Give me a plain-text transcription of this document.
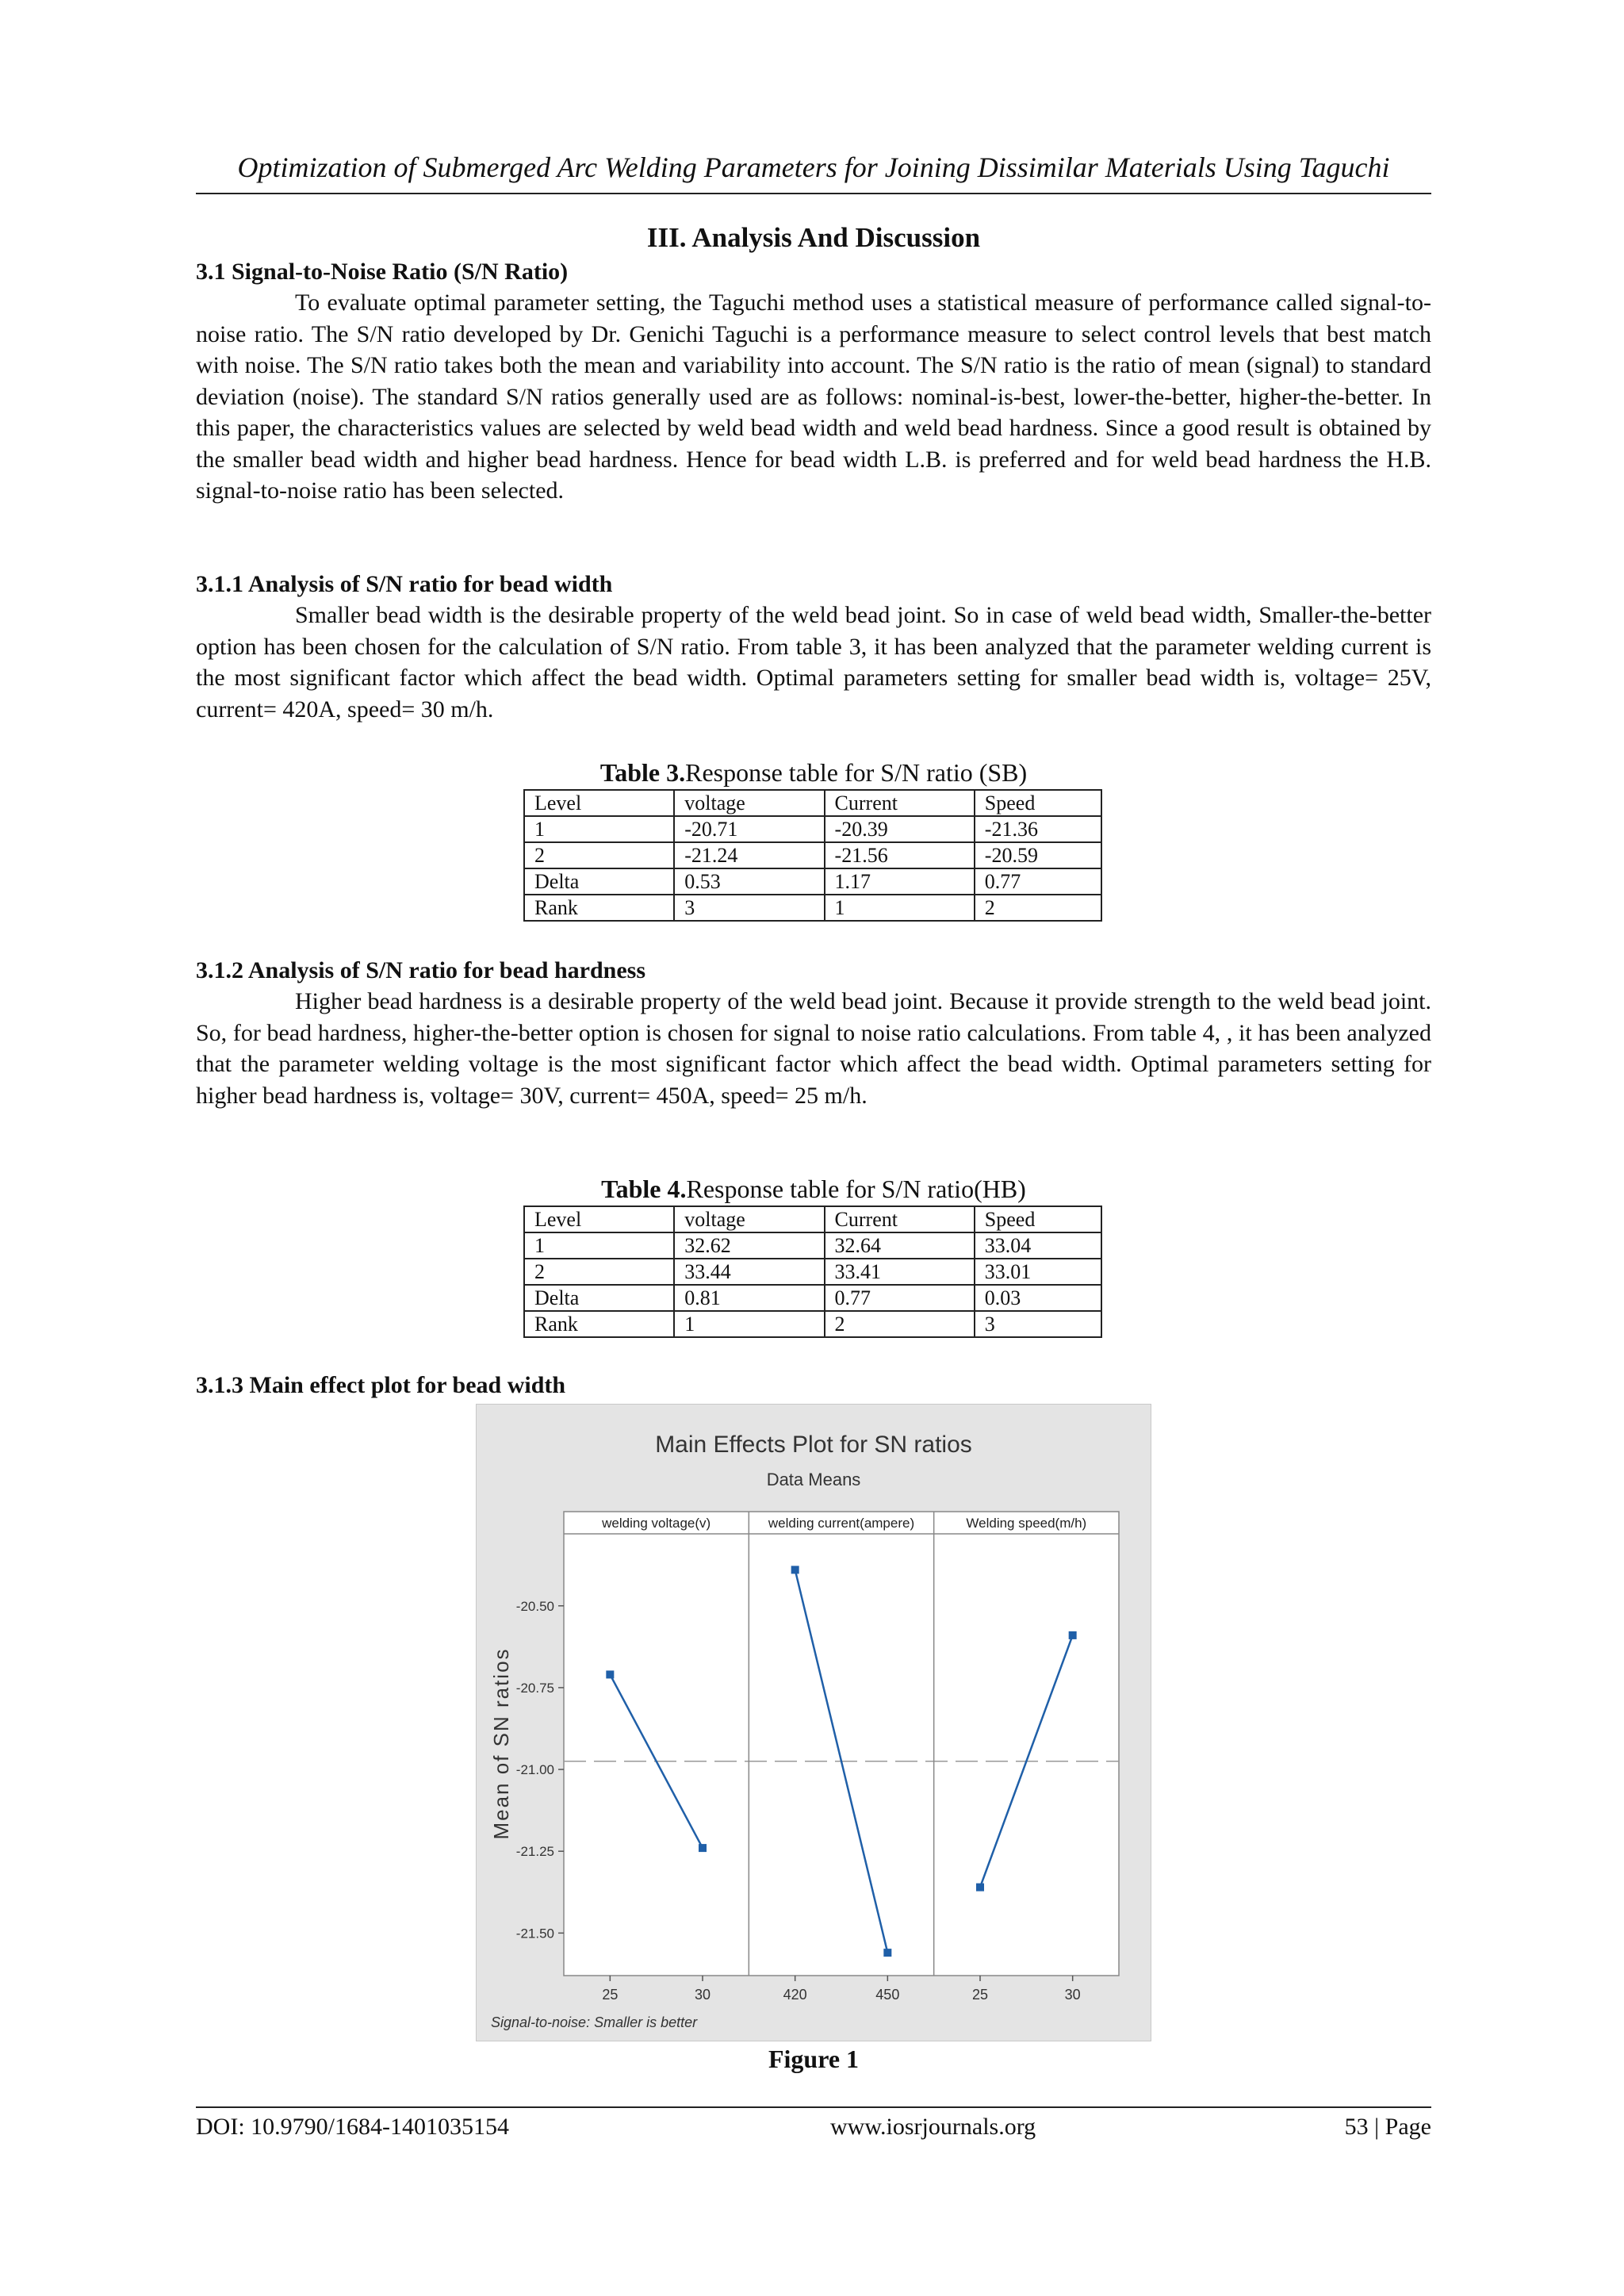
Optimization of Submerged Arc Welding Parameters for Joining Dissimilar Materials Using Taguchi
III. Analysis And Discussion
3.1 Signal-to-Noise Ratio (S/N Ratio)

To evaluate optimal parameter setting, the Taguchi method uses a statistical measure of performance called signal-to-noise ratio. The S/N ratio developed by Dr. Genichi Taguchi is a performance measure to select control levels that best match with noise. The S/N ratio takes both the mean and variability into account. The S/N ratio is the ratio of mean (signal) to standard deviation (noise). The standard S/N ratios generally used are as follows: nominal-is-best, lower-the-better, higher-the-better. In this paper, the characteristics values are selected by weld bead width and weld bead hardness. Since a good result is obtained by the smaller bead width and higher bead hardness. Hence for bead width L.B. is preferred and for weld bead hardness the H.B. signal-to-noise ratio has been selected.

3.1.1 Analysis of S/N ratio for bead width

Smaller bead width is the desirable property of the weld bead joint. So in case of weld bead width, Smaller-the-better option has been chosen for the calculation of S/N ratio. From table 3, it has been analyzed that the parameter welding current is the most significant factor which affect the bead width. Optimal parameters setting for smaller bead width is, voltage= 25V, current= 420A, speed= 30 m/h.

Table 3.Response table for S/N ratio (SB)
Level	voltage	Current	Speed
1	-20.71	-20.39	-21.36
2	-21.24	-21.56	-20.59
Delta	0.53	1.17	0.77
Rank	3	1	2
3.1.2 Analysis of S/N ratio for bead hardness

Higher bead hardness is a desirable property of the weld bead joint. Because it provide strength to the weld bead joint. So, for bead hardness, higher-the-better option is chosen for signal to noise ratio calculations. From table 4, , it has been analyzed that the parameter welding voltage is the most significant factor which affect the bead width. Optimal parameters setting for higher bead hardness is, voltage= 30V, current= 450A, speed= 25 m/h.

Table 4.Response table for S/N ratio(HB)
Level	voltage	Current	Speed
1	32.62	32.64	33.04
2	33.44	33.41	33.01
Delta	0.81	0.77	0.03
Rank	1	2	3
3.1.3 Main effect plot for bead width
Main Effects Plot for SN ratios
Data Means
welding voltage(v)
25	30
welding current(ampere)
420	450
Welding speed(m/h)
25	30
-20.50
-20.75
-21.00
-21.25
-21.50
Mean of SN ratios
Signal-to-noise: Smaller is better
Figure 1
DOI: 10.9790/1684-1401035154	www.iosrjournals.org	53 | Page
